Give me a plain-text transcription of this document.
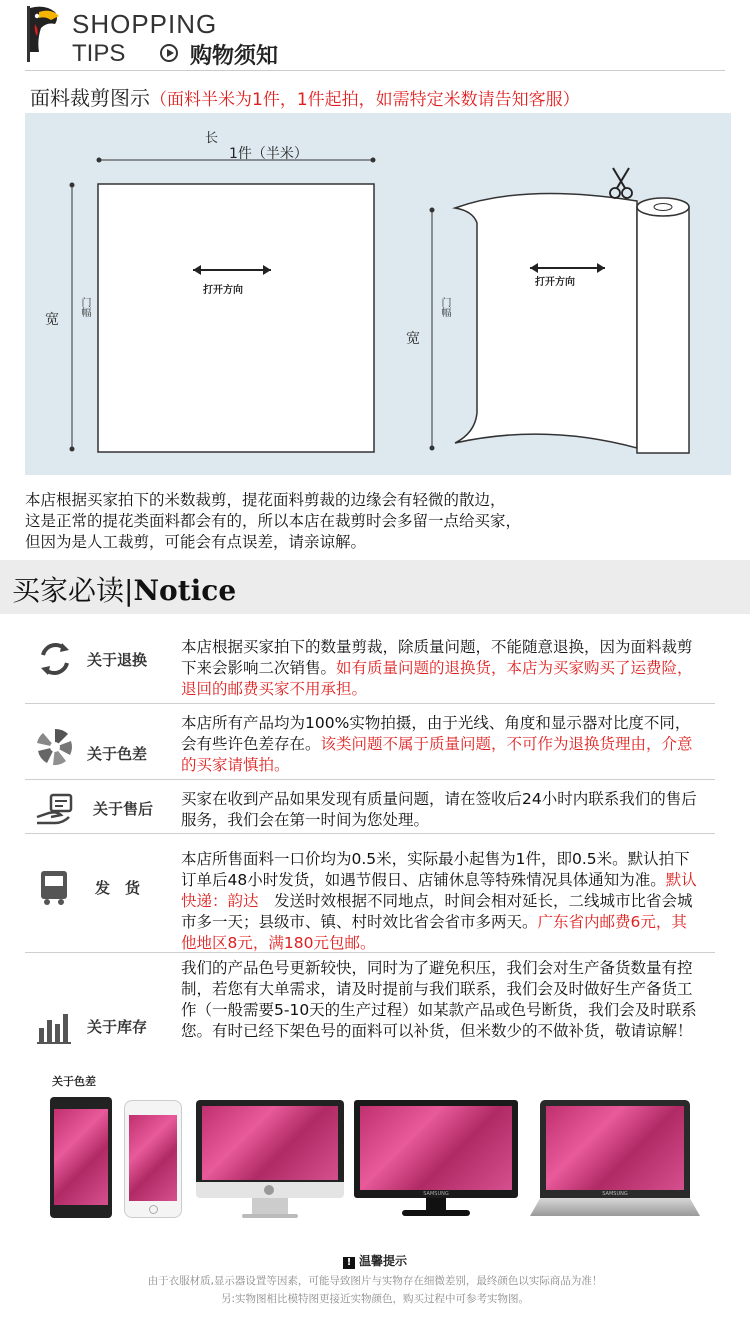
SHOPPING
TIPS	购物须知
面料裁剪图示（面料半米为1件，1件起拍，如需特定米数请告知客服）
长
1件（半米）
宽
门幅
打开方向
宽
门幅
打开方向
本店根据买家拍下的米数裁剪，提花面料剪裁的边缘会有轻微的散边，
这是正常的提花类面料都会有的，所以本店在裁剪时会多留一点给买家，
但因为是人工裁剪，可能会有点误差，请亲谅解。
买家必读|Notice
关于退换
本店根据买家拍下的数量剪裁，除质量问题，不能随意退换，因为面料裁剪下来会影响二次销售。如有质量问题的退换货，本店为买家购买了运费险，退回的邮费买家不用承担。
关于色差
本店所有产品均为100%实物拍摄，由于光线、角度和显示器对比度不同，会有些许色差存在。该类问题不属于质量问题，不可作为退换货理由，介意的买家请慎拍。
关于售后
买家在收到产品如果发现有质量问题，请在签收后24小时内联系我们的售后服务，我们会在第一时间为您处理。
发　货
本店所售面料一口价均为0.5米，实际最小起售为1件，即0.5米。默认拍下订单后48小时发货，如遇节假日、店铺休息等特殊情况具体通知为准。默认快递：韵达　发送时效根据不同地点，时间会相对延长，二线城市比省会城市多一天；县级市、镇、村时效比省会省市多两天。广东省内邮费6元，其他地区8元，满180元包邮。
关于库存
我们的产品色号更新较快，同时为了避免积压，我们会对生产备货数量有控制，若您有大单需求，请及时提前与我们联系，我们会及时做好生产备货工作（一般需要5-10天的生产过程）如某款产品或色号断货，我们会及时联系您。有时已经下架色号的面料可以补货，但米数少的不做补货，敬请谅解！
关于色差
SAMSUNG	SAMSUNG
! 温馨提示
由于衣服材质,显示器设置等因素，可能导致图片与实物存在细微差别，最终颜色以实际商品为准！
另:实物图相比模特图更接近实物颜色，购买过程中可参考实物图。
